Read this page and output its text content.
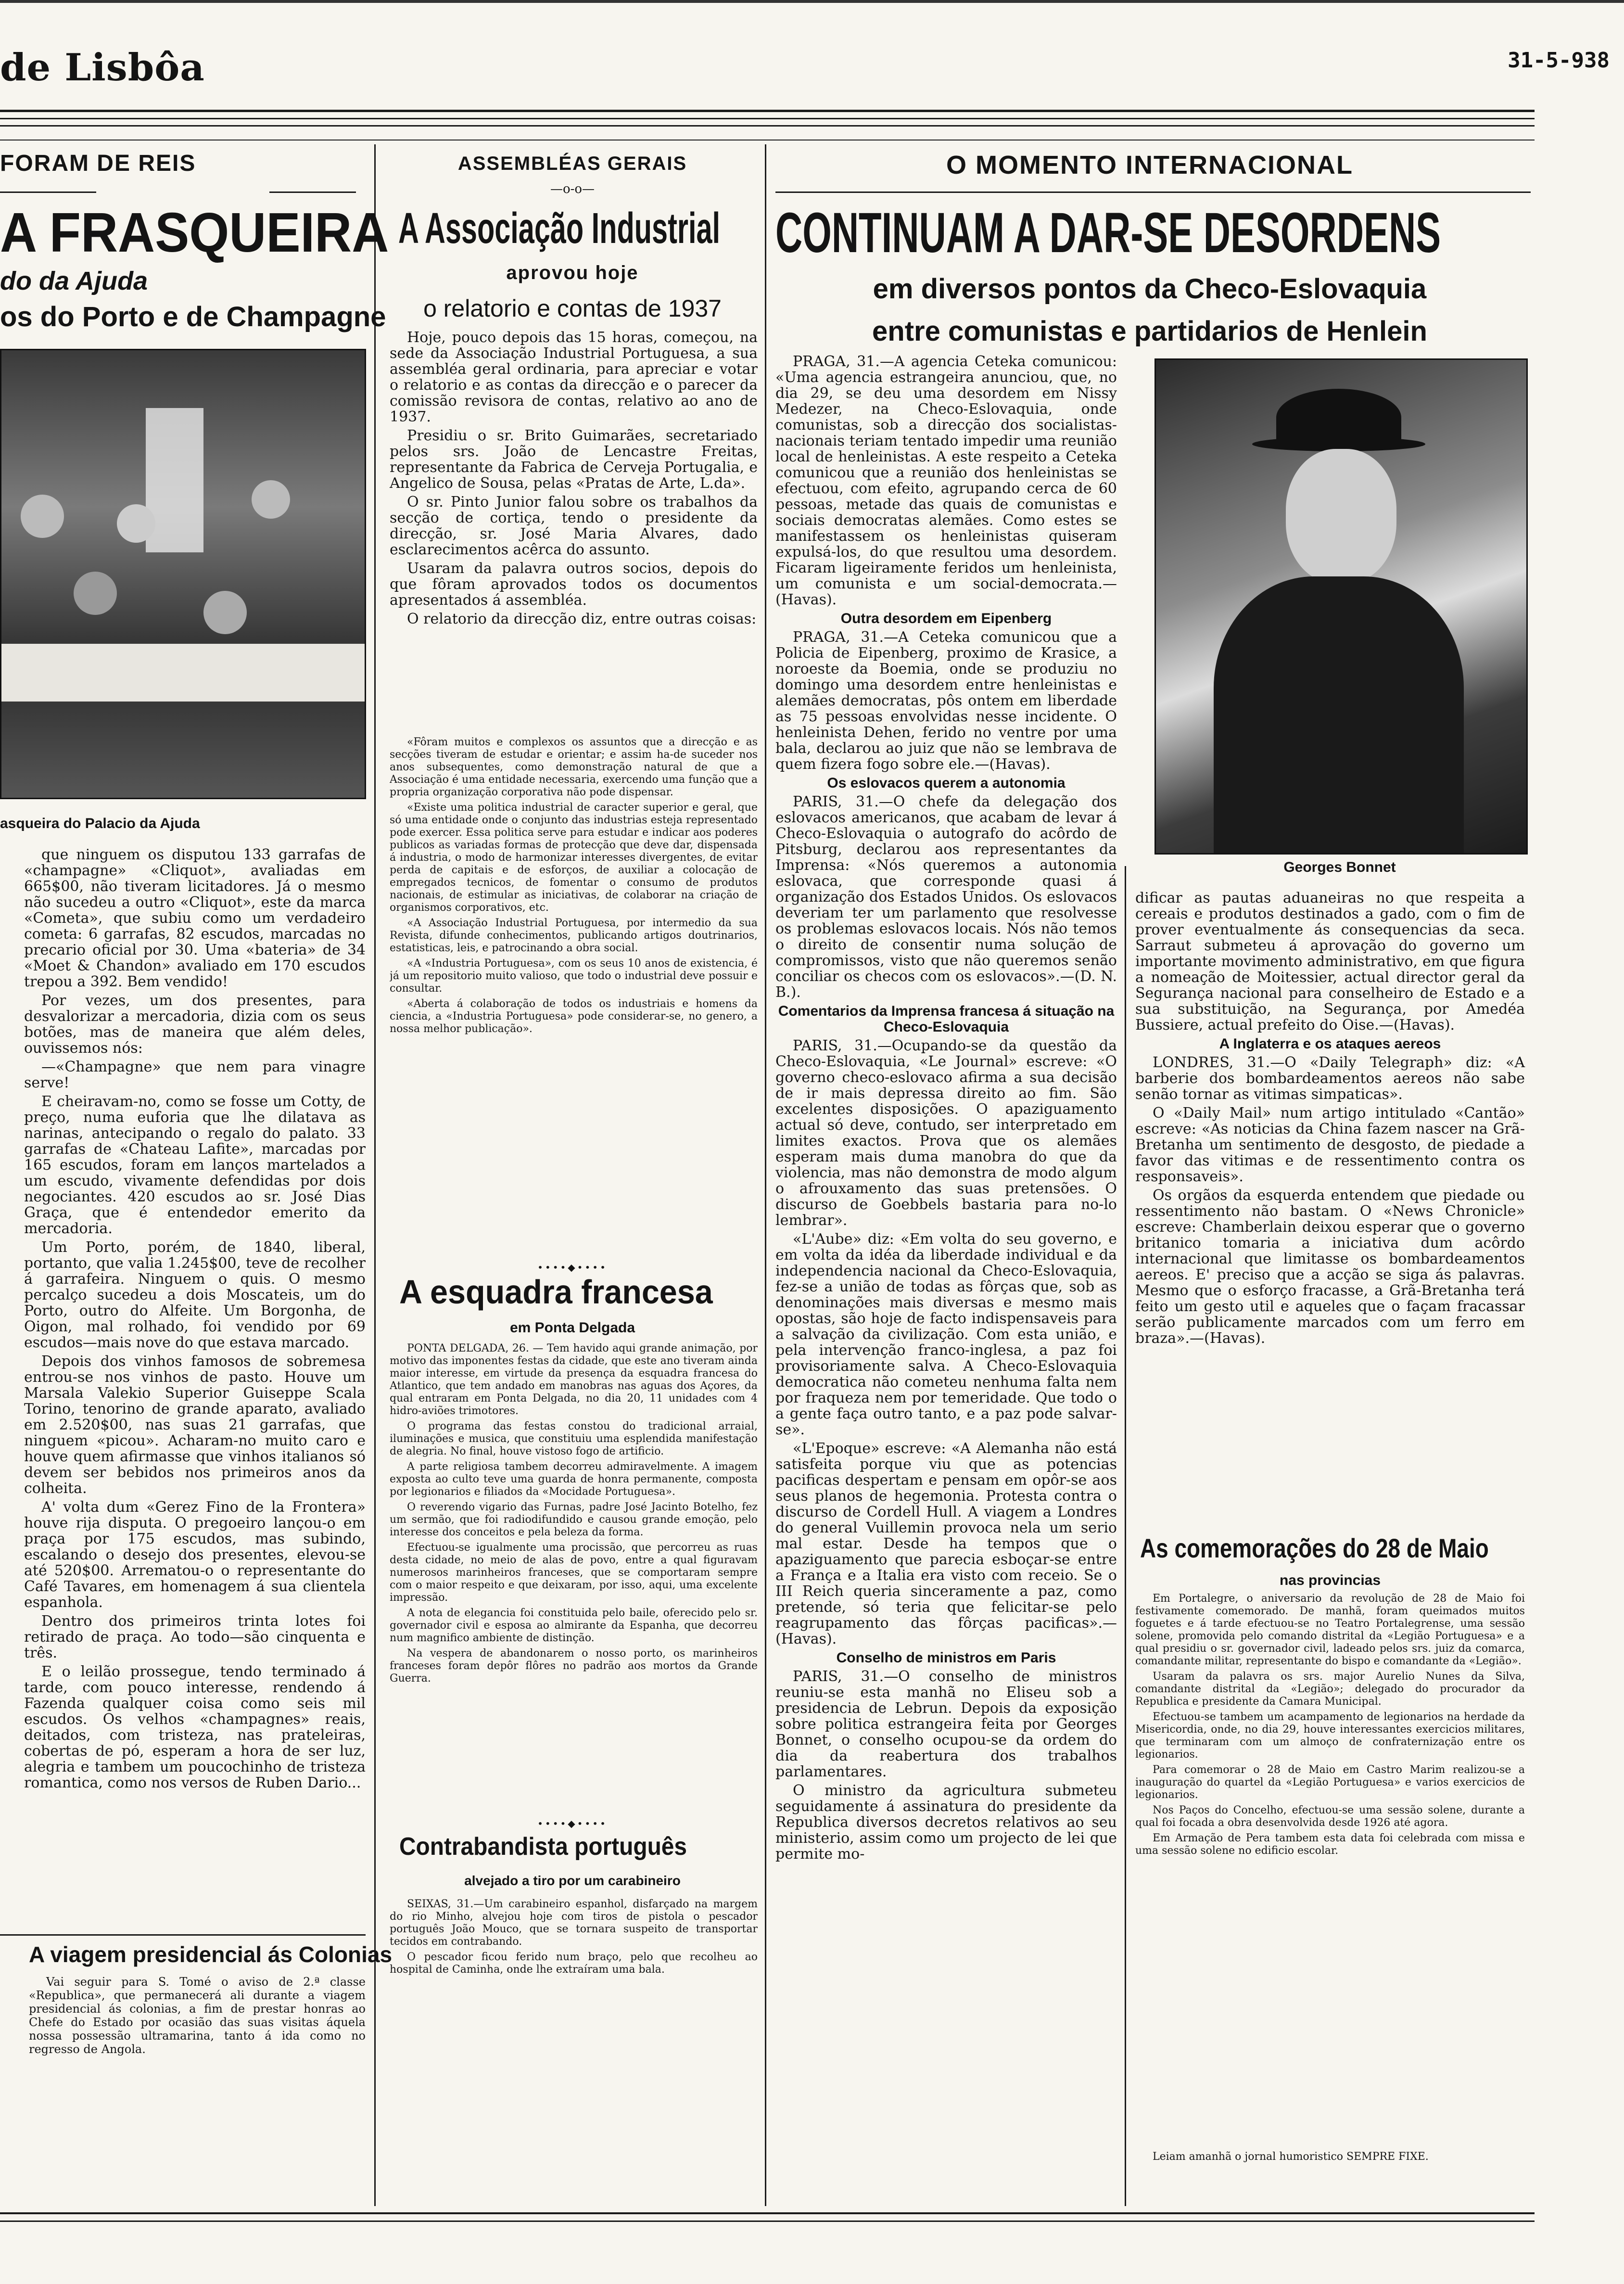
de Lisbôa	31-5-938
FORAM DE REIS
A FRASQUEIRA
do da Ajuda
os do Porto e de Champagne
asqueira do Palacio da Ajuda

que ninguem os disputou 133 garrafas de «champagne» «Cliquot», avaliadas em 665$00, não tiveram licitadores. Já o mesmo não sucedeu a outro «Cliquot», este da marca «Cometa», que subiu como um verdadeiro cometa: 6 garrafas, 82 escudos, marcadas no precario oficial por 30. Uma «bateria» de 34 «Moet & Chandon» avaliado em 170 escudos trepou a 392. Bem vendido!

Por vezes, um dos presentes, para desvalorizar a mercadoria, dizia com os seus botões, mas de maneira que além deles, ouvissemos nós:

—«Champagne» que nem para vinagre serve!

E cheiravam-no, como se fosse um Cotty, de preço, numa euforia que lhe dilatava as narinas, antecipando o regalo do palato. 33 garrafas de «Chateau Lafite», marcadas por 165 escudos, foram em lanços martelados a um escudo, vivamente defendidas por dois negociantes. 420 escudos ao sr. José Dias Graça, que é entendedor emerito da mercadoria.

Um Porto, porém, de 1840, liberal, portanto, que valia 1.245$00, teve de recolher á garrafeira. Ninguem o quis. O mesmo percalço sucedeu a dois Moscateis, um do Porto, outro do Alfeite. Um Borgonha, de Oigon, mal rolhado, foi vendido por 69 escudos—mais nove do que estava marcado.

Depois dos vinhos famosos de sobremesa entrou-se nos vinhos de pasto. Houve um Marsala Valekio Superior Guiseppe Scala Torino, tenorino de grande aparato, avaliado em 2.520$00, nas suas 21 garrafas, que ninguem «picou». Acharam-no muito caro e houve quem afirmasse que vinhos italianos só devem ser bebidos nos primeiros anos da colheita.

A' volta dum «Gerez Fino de la Frontera» houve rija disputa. O pregoeiro lançou-o em praça por 175 escudos, mas subindo, escalando o desejo dos presentes, elevou-se até 520$00. Arrematou-o o representante do Café Tavares, em homenagem á sua clientela espanhola.

Dentro dos primeiros trinta lotes foi retirado de praça. Ao todo—são cinquenta e três.

E o leilão prossegue, tendo terminado á tarde, com pouco interesse, rendendo á Fazenda qualquer coisa como seis mil escudos. Os velhos «champagnes» reais, deitados, com tristeza, nas prateleiras, cobertas de pó, esperam a hora de ser luz, alegria e tambem um poucochinho de tristeza romantica, como nos versos de Ruben Dario...

A viagem presidencial ás Colonias

Vai seguir para S. Tomé o aviso de 2.ª classe «Republica», que permanecerá ali durante a viagem presidencial ás colonias, a fim de prestar honras ao Chefe do Estado por ocasião das suas visitas áquela nossa possessão ultramarina, tanto á ida como no regresso de Angola.

ASSEMBLÉAS GERAIS
—o-o—
A Associação Industrial
aprovou hoje
o relatorio e contas de 1937

Hoje, pouco depois das 15 horas, começou, na sede da Associação Industrial Portuguesa, a sua assembléa geral ordinaria, para apreciar e votar o relatorio e as contas da direcção e o parecer da comissão revisora de contas, relativo ao ano de 1937.

Presidiu o sr. Brito Guimarães, secretariado pelos srs. João de Lencastre Freitas, representante da Fabrica de Cerveja Portugalia, e Angelico de Sousa, pelas «Pratas de Arte, L.da».

O sr. Pinto Junior falou sobre os trabalhos da secção de cortiça, tendo o presidente da direcção, sr. José Maria Alvares, dado esclarecimentos acêrca do assunto.

Usaram da palavra outros socios, depois do que fôram aprovados todos os documentos apresentados á assembléa.

O relatorio da direcção diz, entre outras coisas:

«Fôram muitos e complexos os assuntos que a direcção e as secções tiveram de estudar e orientar; e assim ha-de suceder nos anos subsequentes, como demonstração natural de que a Associação é uma entidade necessaria, exercendo uma função que a propria organização corporativa não pode dispensar.

«Existe uma politica industrial de caracter superior e geral, que só uma entidade onde o conjunto das industrias esteja representado pode exercer. Essa politica serve para estudar e indicar aos poderes publicos as variadas formas de protecção que deve dar, dispensada á industria, o modo de harmonizar interesses divergentes, de evitar perda de capitais e de esforços, de auxiliar a colocação de empregados tecnicos, de fomentar o consumo de produtos nacionais, de estimular as iniciativas, de colaborar na criação de organismos corporativos, etc.

«A Associação Industrial Portuguesa, por intermedio da sua Revista, difunde conhecimentos, publicando artigos doutrinarios, estatisticas, leis, e patrocinando a obra social.

«A «Industria Portuguesa», com os seus 10 anos de existencia, é já um repositorio muito valioso, que todo o industrial deve possuir e consultar.

«Aberta á colaboração de todos os industriais e homens da ciencia, a «Industria Portuguesa» pode considerar-se, no genero, a nossa melhor publicação».

••••◆••••
A esquadra francesa
em Ponta Delgada

PONTA DELGADA, 26. — Tem havido aqui grande animação, por motivo das imponentes festas da cidade, que este ano tiveram ainda maior interesse, em virtude da presença da esquadra francesa do Atlantico, que tem andado em manobras nas aguas dos Açores, da qual entraram em Ponta Delgada, no dia 20, 11 unidades com 4 hidro-aviões trimotores.

O programa das festas constou do tradicional arraial, iluminações e musica, que constituiu uma esplendida manifestação de alegria. No final, houve vistoso fogo de artificio.

A parte religiosa tambem decorreu admiravelmente. A imagem exposta ao culto teve uma guarda de honra permanente, composta por legionarios e filiados da «Mocidade Portuguesa».

O reverendo vigario das Furnas, padre José Jacinto Botelho, fez um sermão, que foi radiodifundido e causou grande emoção, pelo interesse dos conceitos e pela beleza da forma.

Efectuou-se igualmente uma procissão, que percorreu as ruas desta cidade, no meio de alas de povo, entre a qual figuravam numerosos marinheiros franceses, que se comportaram sempre com o maior respeito e que deixaram, por isso, aqui, uma excelente impressão.

A nota de elegancia foi constituida pelo baile, oferecido pelo sr. governador civil e esposa ao almirante da Espanha, que decorreu num magnifico ambiente de distinção.

Na vespera de abandonarem o nosso porto, os marinheiros franceses foram depôr flôres no padrão aos mortos da Grande Guerra.

••••◆••••
Contrabandista português
alvejado a tiro por um carabineiro

SEIXAS, 31.—Um carabineiro espanhol, disfarçado na margem do rio Minho, alvejou hoje com tiros de pistola o pescador português João Mouco, que se tornara suspeito de transportar tecidos em contrabando.

O pescador ficou ferido num braço, pelo que recolheu ao hospital de Caminha, onde lhe extraíram uma bala.

O MOMENTO INTERNACIONAL
CONTINUAM A DAR-SE DESORDENS
em diversos pontos da Checo-Eslovaquia
entre comunistas e partidarios de Henlein

PRAGA, 31.—A agencia Ceteka comunicou: «Uma agencia estrangeira anunciou, que, no dia 29, se deu uma desordem em Nissy Medezer, na Checo-Eslovaquia, onde comunistas, sob a direcção dos socialistas-nacionais teriam tentado impedir uma reunião local de henleinistas. A este respeito a Ceteka comunicou que a reunião dos henleinistas se efectuou, com efeito, agrupando cerca de 60 pessoas, metade das quais de comunistas e sociais democratas alemães. Como estes se manifestassem os henleinistas quiseram expulsá-los, do que resultou uma desordem. Ficaram ligeiramente feridos um henleinista, um comunista e um social-democrata.—(Havas).

Outra desordem em Eipenberg

PRAGA, 31.—A Ceteka comunicou que a Policia de Eipenberg, proximo de Krasice, a noroeste da Boemia, onde se produziu no domingo uma desordem entre henleinistas e alemães democratas, pôs ontem em liberdade as 75 pessoas envolvidas nesse incidente. O henleinista Dehen, ferido no ventre por uma bala, declarou ao juiz que não se lembrava de quem fizera fogo sobre ele.—(Havas).

Os eslovacos querem a autonomia

PARIS, 31.—O chefe da delegação dos eslovacos americanos, que acabam de levar á Checo-Eslovaquia o autografo do acôrdo de Pitsburg, declarou aos representantes da Imprensa: «Nós queremos a autonomia eslovaca, que corresponde quasi á organização dos Estados Unidos. Os eslovacos deveriam ter um parlamento que resolvesse os problemas eslovacos locais. Nós não temos o direito de consentir numa solução de compromissos, visto que não queremos senão conciliar os checos com os eslovacos».—(D. N. B.).

Comentarios da Imprensa francesa á situação na Checo-Eslovaquia

PARIS, 31.—Ocupando-se da questão da Checo-Eslovaquia, «Le Journal» escreve: «O governo checo-eslovaco afirma a sua decisão de ir mais depressa direito ao fim. São excelentes disposições. O apaziguamento actual só deve, contudo, ser interpretado em limites exactos. Prova que os alemães esperam mais duma manobra do que da violencia, mas não demonstra de modo algum o afrouxamento das suas pretensões. O discurso de Goebbels bastaria para no-lo lembrar».

«L'Aube» diz: «Em volta do seu governo, e em volta da idéa da liberdade individual e da independencia nacional da Checo-Eslovaquia, fez-se a união de todas as fôrças que, sob as denominações mais diversas e mesmo mais opostas, são hoje de facto indispensaveis para a salvação da civilização. Com esta união, e pela intervenção franco-inglesa, a paz foi provisoriamente salva. A Checo-Eslovaquia democratica não cometeu nenhuma falta nem por fraqueza nem por temeridade. Que todo o a gente faça outro tanto, e a paz pode salvar-se».

«L'Epoque» escreve: «A Alemanha não está satisfeita porque viu que as potencias pacificas despertam e pensam em opôr-se aos seus planos de hegemonia. Protesta contra o discurso de Cordell Hull. A viagem a Londres do general Vuillemin provoca nela um serio mal estar. Desde ha tempos que o apaziguamento que parecia esboçar-se entre a França e a Italia era visto com receio. Se o III Reich queria sinceramente a paz, como pretende, só teria que felicitar-se pelo reagrupamento das fôrças pacificas».—(Havas).

Conselho de ministros em Paris

PARIS, 31.—O conselho de ministros reuniu-se esta manhã no Eliseu sob a presidencia de Lebrun. Depois da exposição sobre politica estrangeira feita por Georges Bonnet, o conselho ocupou-se da ordem do dia da reabertura dos trabalhos parlamentares.

O ministro da agricultura submeteu seguidamente á assinatura do presidente da Republica diversos decretos relativos ao seu ministerio, assim como um projecto de lei que permite mo-

Georges Bonnet

dificar as pautas aduaneiras no que respeita a cereais e produtos destinados a gado, com o fim de prover eventualmente ás consequencias da seca. Sarraut submeteu á aprovação do governo um importante movimento administrativo, em que figura a nomeação de Moitessier, actual director geral da Segurança nacional para conselheiro de Estado e a sua substituição, na Segurança, por Amedéa Bussiere, actual prefeito do Oise.—(Havas).

A Inglaterra e os ataques aereos

LONDRES, 31.—O «Daily Telegraph» diz: «A barberie dos bombardeamentos aereos não sabe senão tornar as vitimas simpaticas».

O «Daily Mail» num artigo intitulado «Cantão» escreve: «As noticias da China fazem nascer na Grã-Bretanha um sentimento de desgosto, de piedade a favor das vitimas e de ressentimento contra os responsaveis».

Os orgãos da esquerda entendem que piedade ou ressentimento não bastam. O «News Chronicle» escreve: Chamberlain deixou esperar que o governo britanico tomaria a iniciativa dum acôrdo internacional que limitasse os bombardeamentos aereos. E' preciso que a acção se siga ás palavras. Mesmo que o esforço fracasse, a Grã-Bretanha terá feito um gesto util e aqueles que o façam fracassar serão publicamente marcados com um ferro em braza».—(Havas).

As comemorações do 28 de Maio
nas provincias

Em Portalegre, o aniversario da revolução de 28 de Maio foi festivamente comemorado. De manhã, foram queimados muitos foguetes e á tarde efectuou-se no Teatro Portalegrense, uma sessão solene, promovida pelo comando distrital da «Legião Portuguesa» e a qual presidiu o sr. governador civil, ladeado pelos srs. juiz da comarca, comandante militar, representante do bispo e comandante da «Legião».

Usaram da palavra os srs. major Aurelio Nunes da Silva, comandante distrital da «Legião»; delegado do procurador da Republica e presidente da Camara Municipal.

Efectuou-se tambem um acampamento de legionarios na herdade da Misericordia, onde, no dia 29, houve interessantes exercicios militares, que terminaram com um almoço de confraternização entre os legionarios.

Para comemorar o 28 de Maio em Castro Marim realizou-se a inauguração do quartel da «Legião Portuguesa» e varios exercicios de legionarios.

Nos Paços do Concelho, efectuou-se uma sessão solene, durante a qual foi focada a obra desenvolvida desde 1926 até agora.

Em Armação de Pera tambem esta data foi celebrada com missa e uma sessão solene no edificio escolar.

Leiam amanhã o jornal humoristico SEMPRE FIXE.
